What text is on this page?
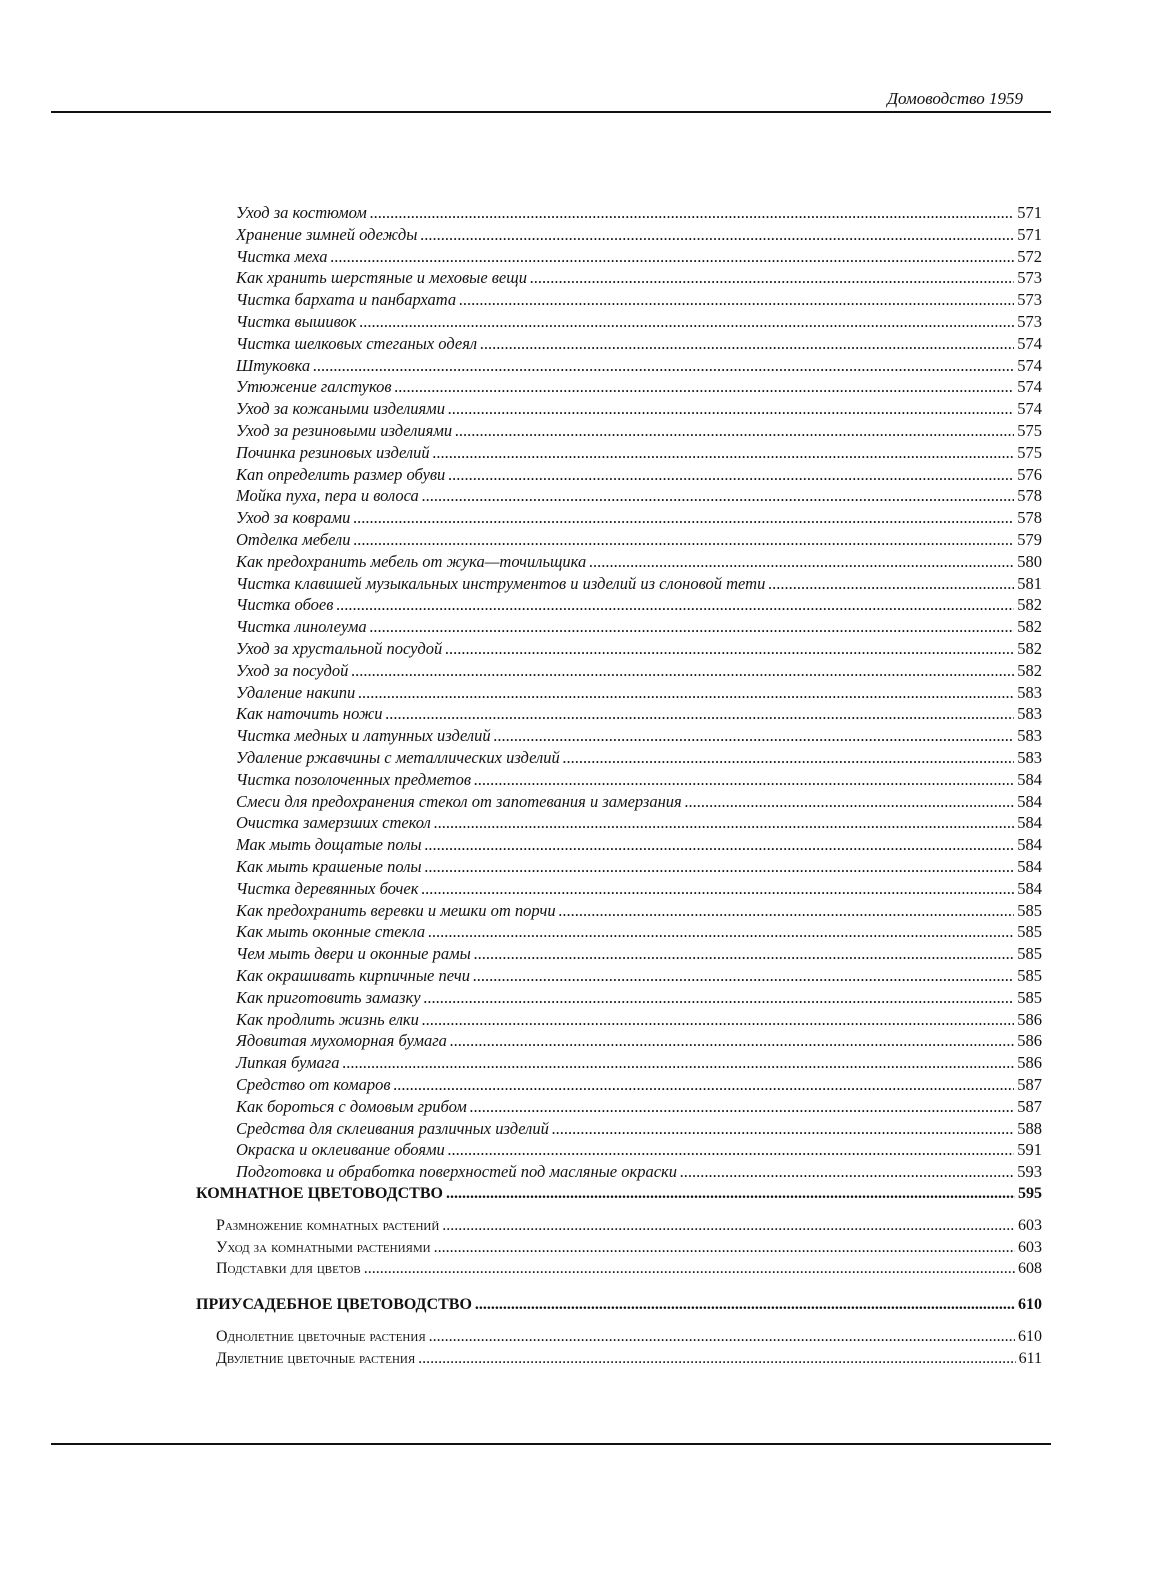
Домоводство 1959
Уход за костюмом .....	571
Хранение зимней одежды .....	571
Чистка меха .....	572
Как хранить шерстяные и меховые вещи .....	573
Чистка бархата и панбархата .....	573
Чистка вышивок .....	573
Чистка шелковых стеганых одеял .....	574
Штуковка .....	574
Утюжение галстуков .....	574
Уход за кожаными изделиями .....	574
Уход за резиновыми изделиями .....	575
Починка резиновых изделий .....	575
Кап определить размер обуви .....	576
Мойка пуха, пера и волоса .....	578
Уход за коврами .....	578
Отделка мебели .....	579
Как предохранить мебель от жука—точильщика .....	580
Чистка клавишей музыкальных инструментов и изделий из слоновой тети .....	581
Чистка обоев .....	582
Чистка линолеума .....	582
Уход за хрустальной посудой .....	582
Уход за посудой .....	582
Удаление накипи .....	583
Как наточить ножи .....	583
Чистка медных и латунных изделий .....	583
Удаление ржавчины с металлических изделий .....	583
Чистка позолоченных предметов .....	584
Смеси для предохранения стекол от запотевания и замерзания .....	584
Очистка замерзших стекол .....	584
Мак мыть дощатые полы .....	584
Как мыть крашеные полы .....	584
Чистка деревянных бочек .....	584
Как предохранить веревки и мешки от порчи .....	585
Как мыть оконные стекла .....	585
Чем мыть двери и оконные рамы .....	585
Как окрашивать кирпичные печи .....	585
Как приготовить замазку .....	585
Как продлить жизнь елки .....	586
Ядовитая мухоморная бумага .....	586
Липкая бумага .....	586
Средство от комаров .....	587
Как бороться с домовым грибом .....	587
Средства для склеивания различных изделий .....	588
Окраска и оклеивание обоями .....	591
Подготовка и обработка поверхностей под масляные окраски .....	593
КОМНАТНОЕ ЦВЕТОВОДСТВО .....	595
Размножение комнатных растений .....	603
Уход за комнатными растениями .....	603
Подставки для цветов .....	608
ПРИУСАДЕБНОЕ ЦВЕТОВОДСТВО .....	610
Однолетние цветочные растения .....	610
Двулетние цветочные растения .....	611
